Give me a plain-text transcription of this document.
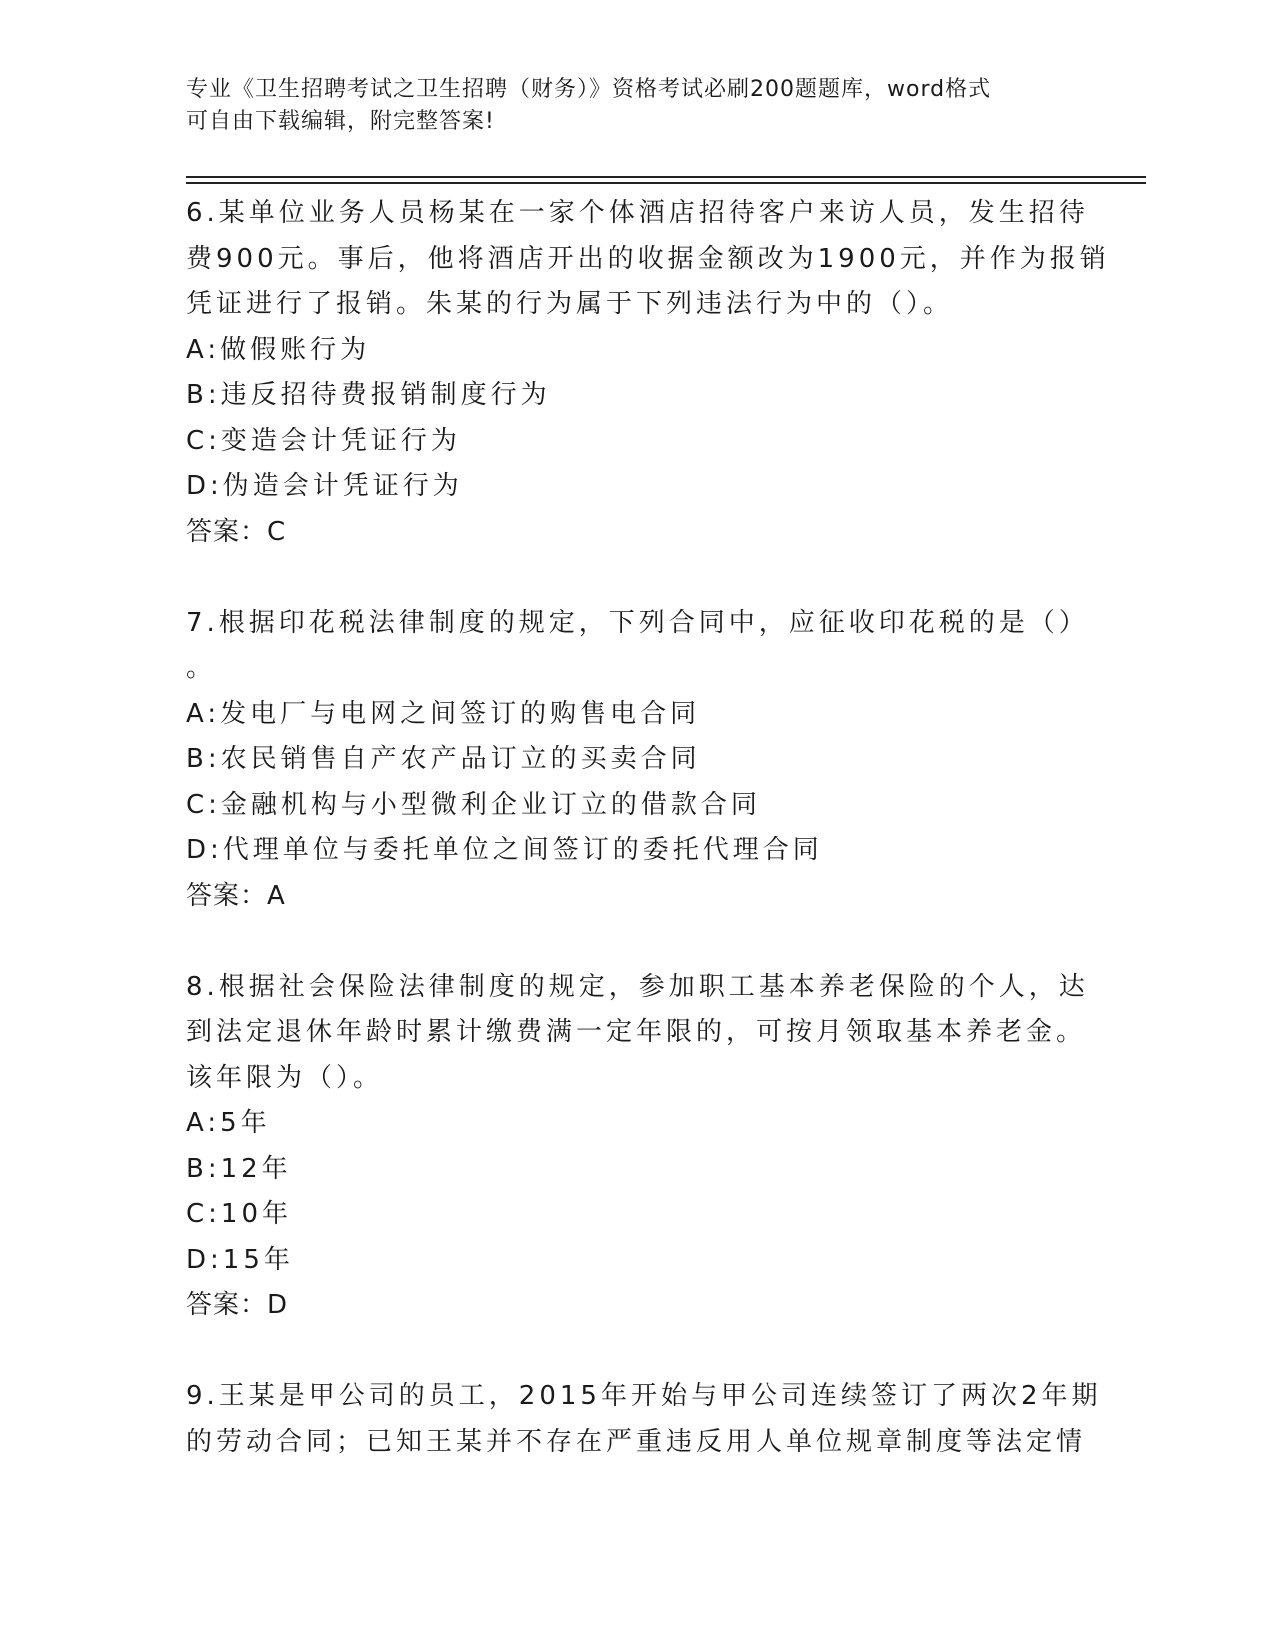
专业《卫生招聘考试之卫生招聘（财务）》资格考试必刷200题题库，word格式
可自由下载编辑，附完整答案!
6.某单位业务人员杨某在一家个体酒店招待客户来访人员，发生招待
费900元。事后，他将酒店开出的收据金额改为1900元，并作为报销
凭证进行了报销。朱某的行为属于下列违法行为中的（）。
A:做假账行为
B:违反招待费报销制度行为
C:变造会计凭证行为
D:伪造会计凭证行为
答案：C
7.根据印花税法律制度的规定，下列合同中，应征收印花税的是（）
。
A:发电厂与电网之间签订的购售电合同
B:农民销售自产农产品订立的买卖合同
C:金融机构与小型微利企业订立的借款合同
D:代理单位与委托单位之间签订的委托代理合同
答案：A
8.根据社会保险法律制度的规定，参加职工基本养老保险的个人，达
到法定退休年龄时累计缴费满一定年限的，可按月领取基本养老金。
该年限为（）。
A:5年
B:12年
C:10年
D:15年
答案：D
9.王某是甲公司的员工，2015年开始与甲公司连续签订了两次2年期
的劳动合同；已知王某并不存在严重违反用人单位规章制度等法定情
